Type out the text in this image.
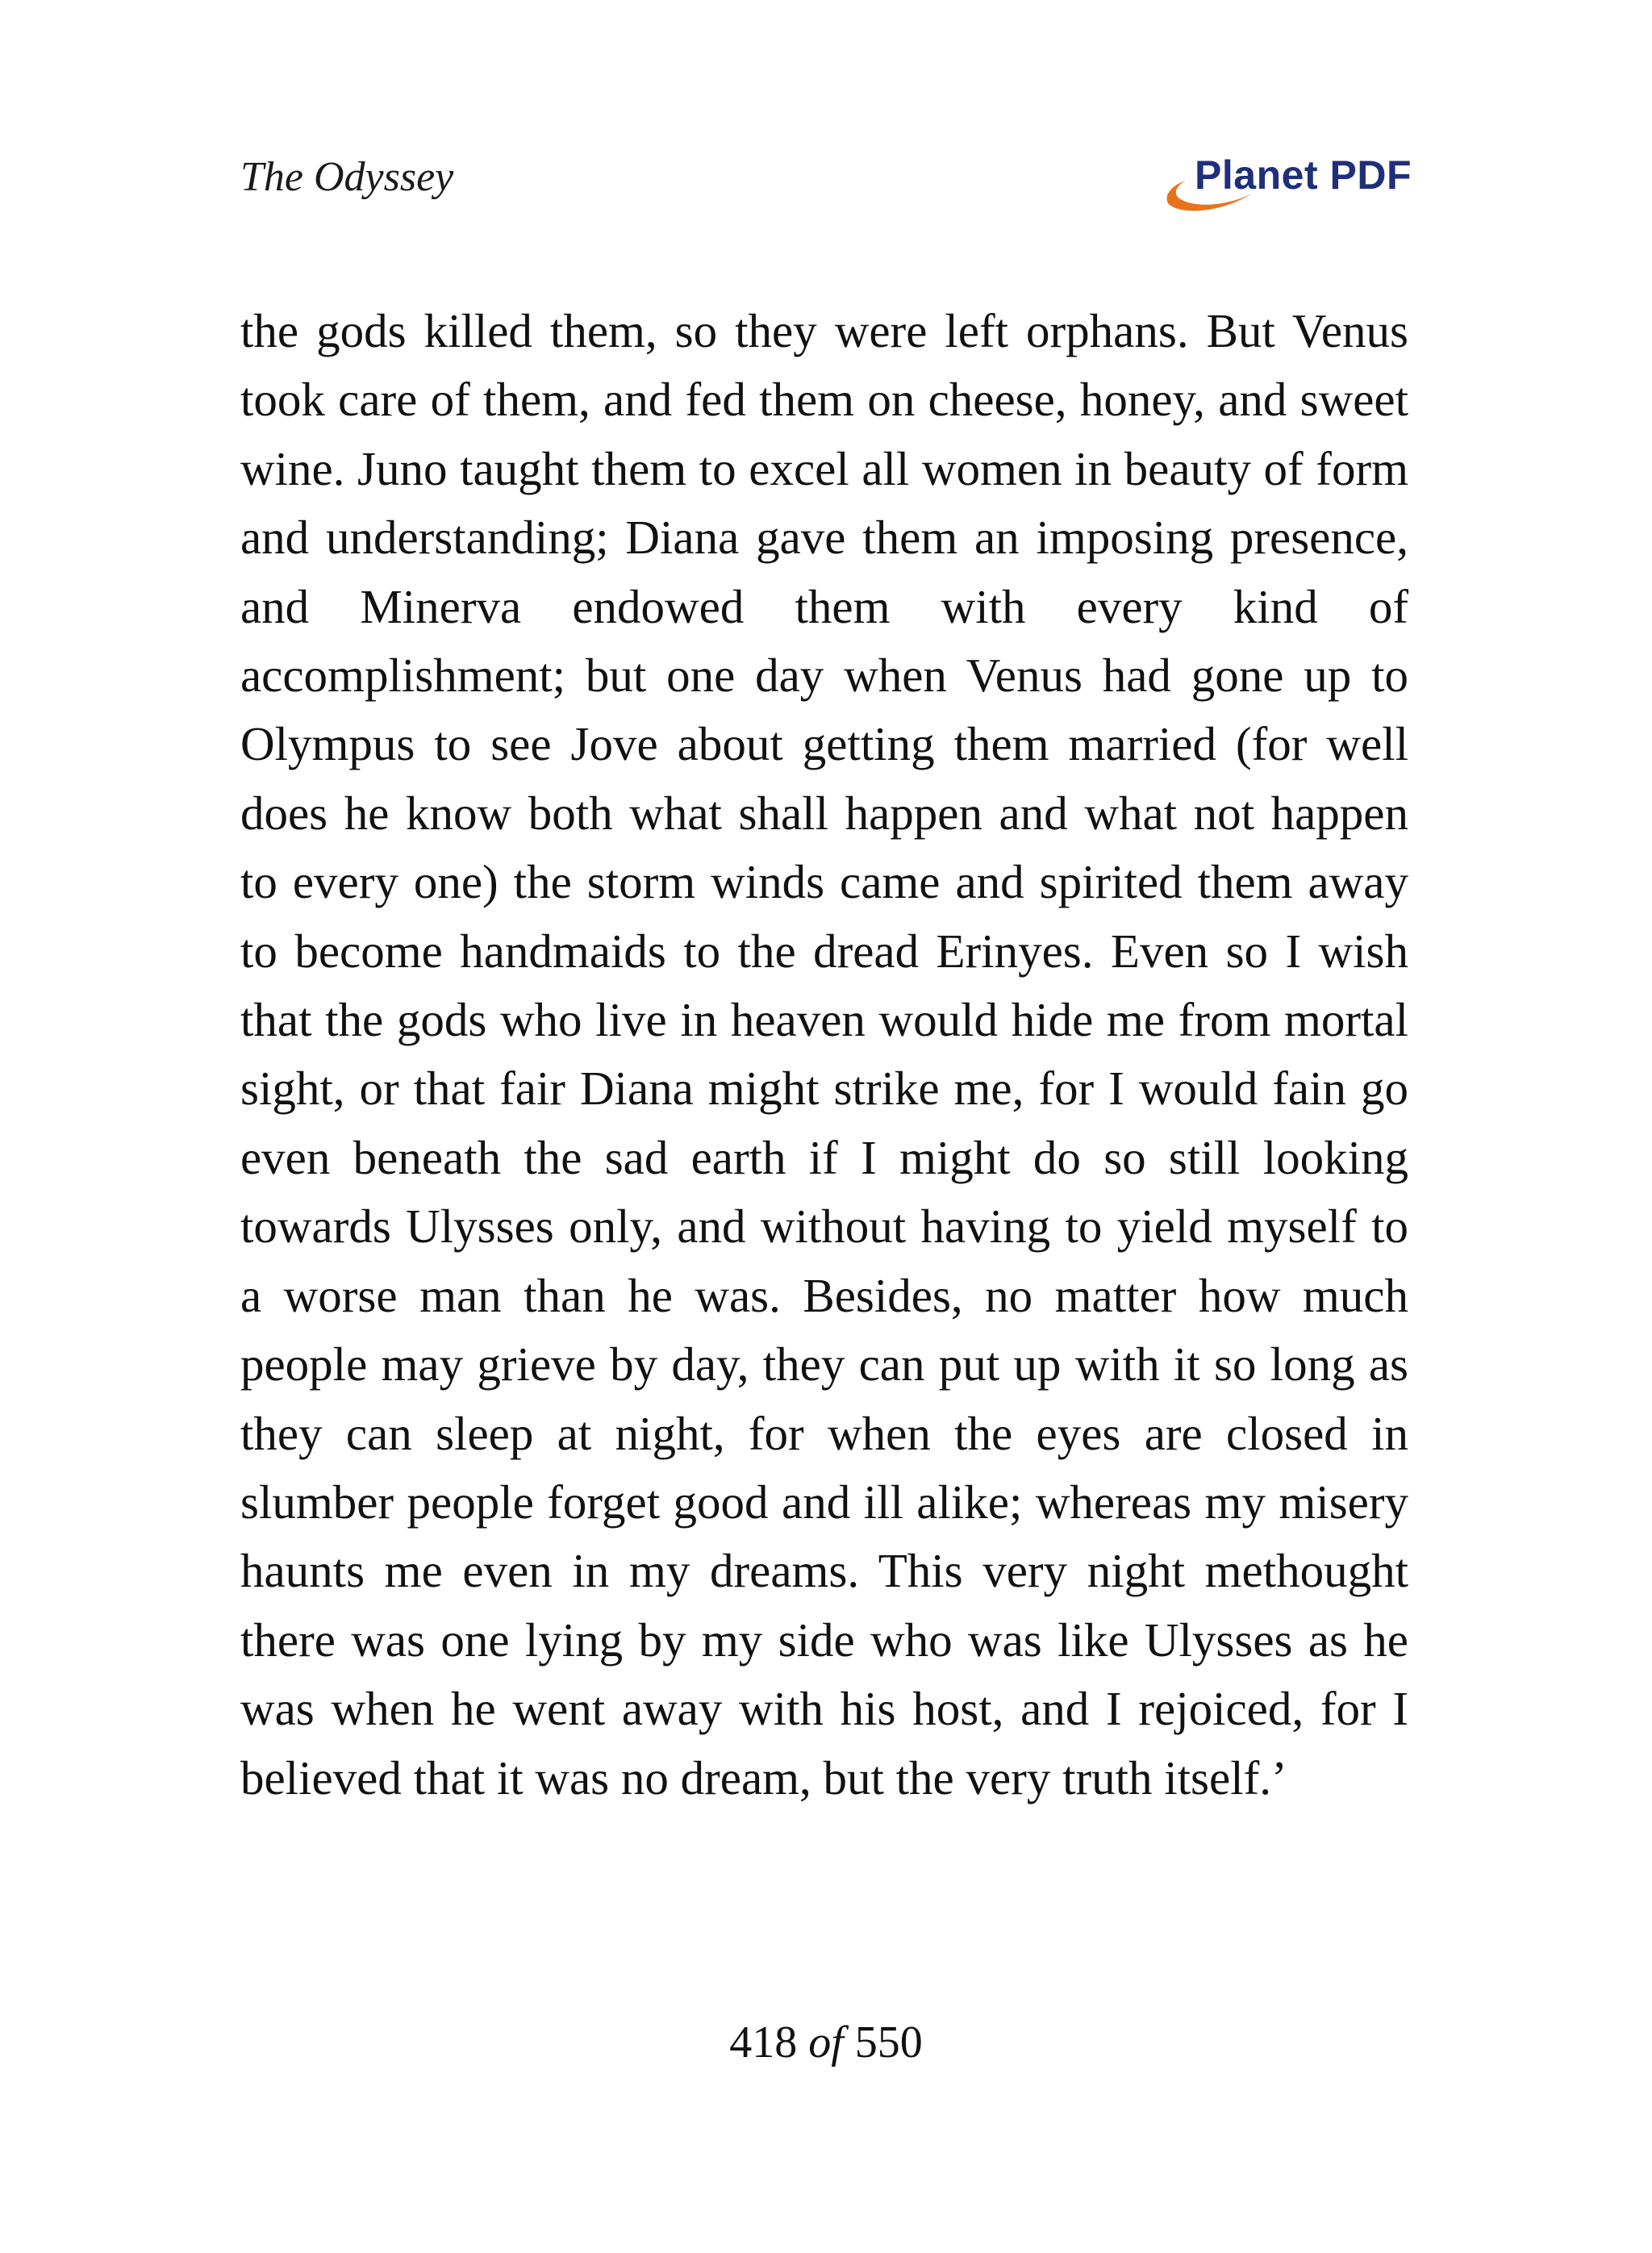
The Odyssey	Planet PDF

the gods killed them, so they were left orphans. But Venus took care of them, and fed them on cheese, honey, and sweet wine. Juno taught them to excel all women in beauty of form and understanding; Diana gave them an imposing presence, and Minerva endowed them with every kind of accomplishment; but one day when Venus had gone up to Olympus to see Jove about getting them married (for well does he know both what shall happen and what not happen to every one) the storm winds came and spirited them away to become handmaids to the dread Erinyes. Even so I wish that the gods who live in heaven would hide me from mortal sight, or that fair Diana might strike me, for I would fain go even beneath the sad earth if I might do so still looking towards Ulysses only, and without having to yield myself to a worse man than he was. Besides, no matter how much people may grieve by day, they can put up with it so long as they can sleep at night, for when the eyes are closed in slumber people forget good and ill alike; whereas my misery haunts me even in my dreams. This very night methought there was one lying by my side who was like Ulysses as he was when he went away with his host, and I rejoiced, for I believed that it was no dream, but the very truth itself.’

418 of 550
